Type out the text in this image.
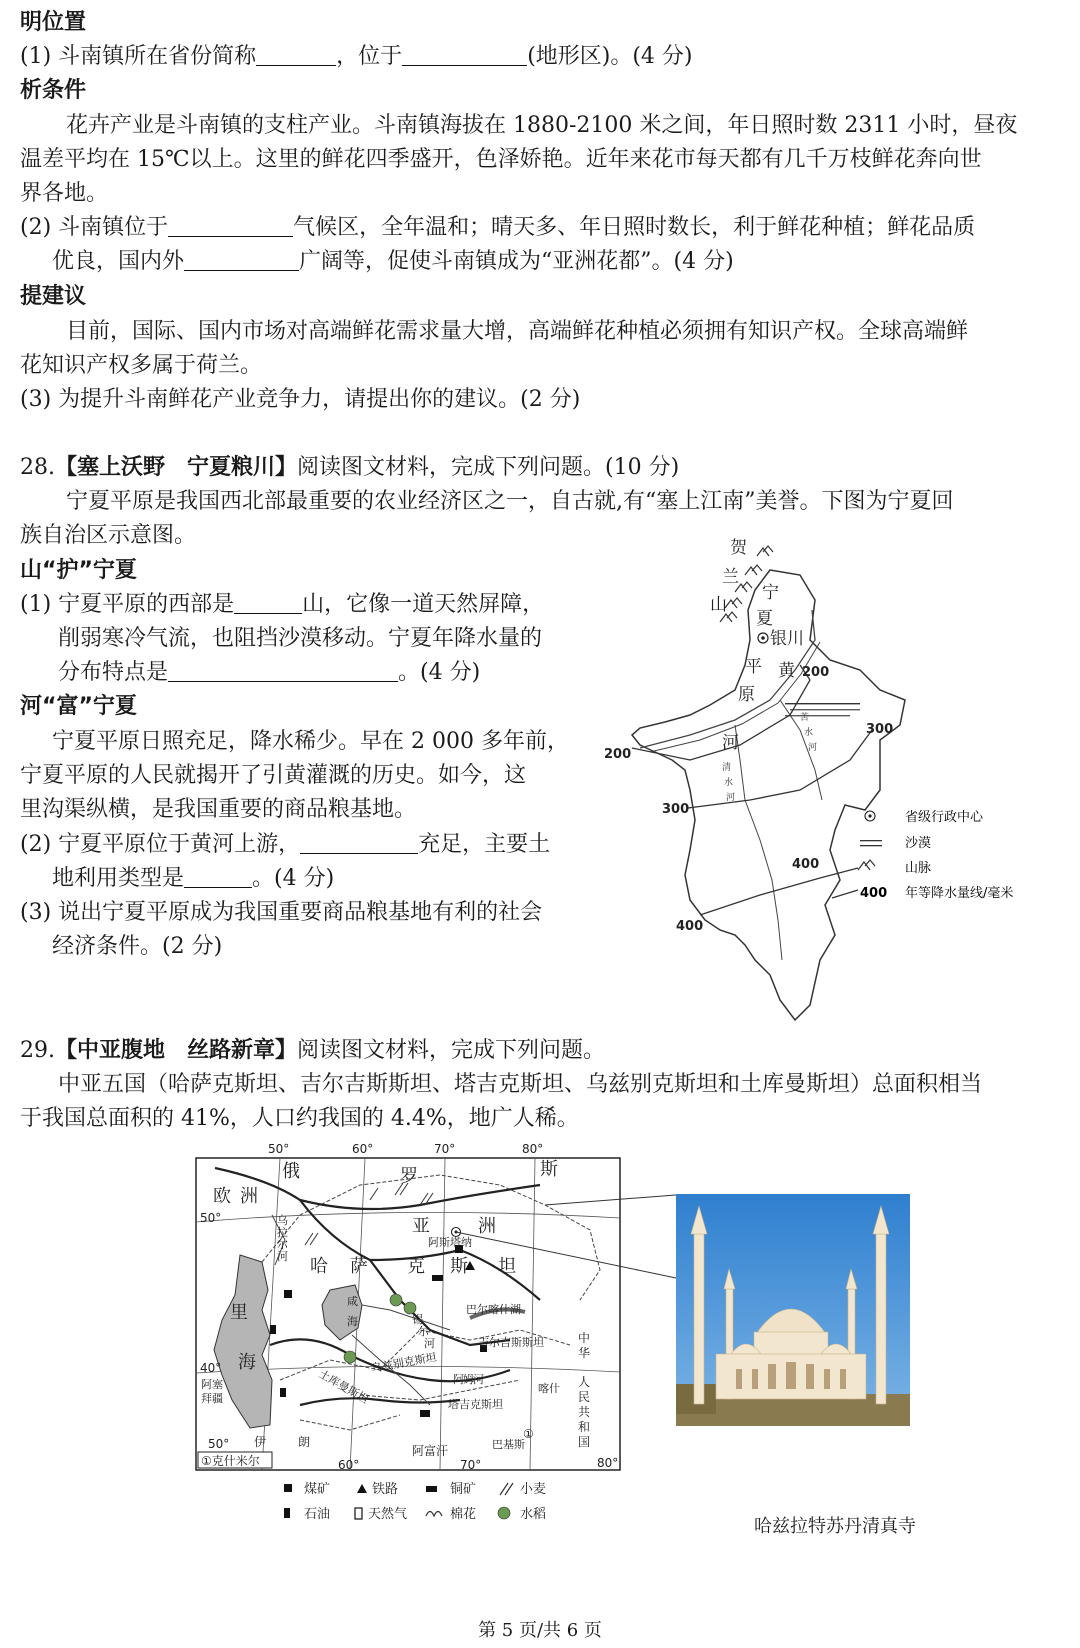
明位置
(1) 斗南镇所在省份简称	，位于	(地形区)。(4 分)
析条件
花卉产业是斗南镇的支柱产业。斗南镇海拔在 1880-2100 米之间，年日照时数 2311 小时，昼夜
温差平均在 15℃以上。这里的鲜花四季盛开，色泽娇艳。近年来花市每天都有几千万枝鲜花奔向世
界各地。
(2) 斗南镇位于	气候区，全年温和；晴天多、年日照时数长，利于鲜花种植；鲜花品质
优良，国内外	广阔等，促使斗南镇成为“亚洲花都”。(4 分)
提建议
目前，国际、国内市场对高端鲜花需求量大增，高端鲜花种植必须拥有知识产权。全球高端鲜
花知识产权多属于荷兰。
(3) 为提升斗南鲜花产业竞争力，请提出你的建议。(2 分)
28.【塞上沃野　宁夏粮川】阅读图文材料，完成下列问题。(10 分)
宁夏平原是我国西北部最重要的农业经济区之一，自古就,有“塞上江南”美誉。下图为宁夏回
族自治区示意图。
山“护”宁夏
(1) 宁夏平原的西部是	山，它像一道天然屏障，
削弱寒冷气流，也阻挡沙漠移动。宁夏年降水量的
分布特点是	。(4 分)
河“富”宁夏
宁夏平原日照充足，降水稀少。早在 2 000 多年前，
宁夏平原的人民就揭开了引黄灌溉的历史。如今，这
里沟渠纵横，是我国重要的商品粮基地。
(2) 宁夏平原位于黄河上游，	充足，主要土
地利用类型是	。(4 分)
(3) 说出宁夏平原成为我国重要商品粮基地有利的社会
经济条件。(2 分)
贺
兰
山
宁
夏
平
原
银川
黄
河
清
水
河
苦
水
河
200
200
300
300
400
400
省级行政中心
沙漠
山脉
400 年等降水量线/毫米
29.【中亚腹地　丝路新章】阅读图文材料，完成下列问题。
中亚五国（哈萨克斯坦、吉尔吉斯斯坦、塔吉克斯坦、乌兹别克斯坦和土库曼斯坦）总面积相当
于我国总面积的 41%，人口约我国的 4.4%，地广人稀。
50°	60°	70°	80°
50°
60°	70°	80°
50°
40°
俄	罗	斯
欧 洲
亚	洲
哈 萨 克 斯 坦
里
海
咸
海
乌
拉
尔
河
阿斯塔纳
巴尔喀什湖
吉尔吉斯斯坦
乌兹别克斯坦
土库曼斯坦	塔吉克斯坦
喀什
锡
尔
河
阿 姆 河
阿 塞
拜 疆
巴 基 斯
中
华
人
民
共
和
国
伊	朗
阿富汗
①
①克什米尔
煤矿	铁路	铜矿	小麦
石油	天然气	棉花	水稻
哈兹拉特苏丹清真寺
第 5 页/共 6 页
